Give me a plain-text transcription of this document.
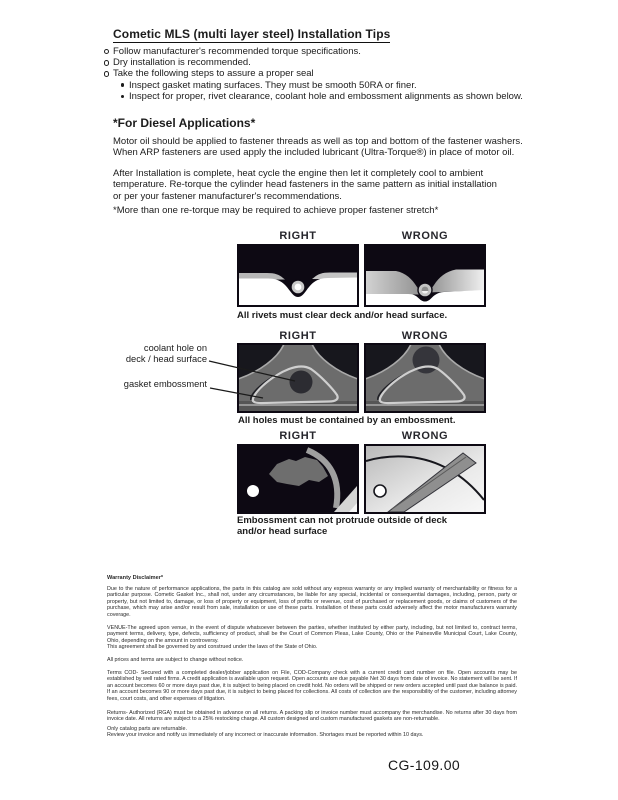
Cometic MLS (multi layer steel) Installation Tips
Follow manufacturer's recommended torque specifications.
Dry installation is recommended.
Take the following steps to assure a proper seal
Inspect gasket mating surfaces. They must be smooth 50RA or finer.
Inspect for proper, rivet clearance, coolant hole and embossment alignments as shown below.
*For Diesel Applications*
Motor oil should be applied to fastener threads as well as top and bottom of the fastener washers.
When ARP fasteners are used apply the included lubricant (Ultra-Torque®) in place of motor oil.
After Installation is complete, heat cycle the engine then let it completely cool to ambient
temperature. Re-torque the cylinder head fasteners in the same pattern as initial installation
or per your fastener manufacturer's recommendations.
*More than one re-torque may be required to achieve proper fastener stretch*
RIGHT	WRONG
All rivets must clear deck and/or head surface.
RIGHT	WRONG
coolant hole on
deck / head surface
gasket embossment
All holes must be contained by an embossment.
RIGHT	WRONG
Embossment can not protrude outside of deck
and/or head surface
Warranty Disclaimer*

Due to the nature of performance applications, the parts in this catalog are sold without any express warranty or any implied warranty of merchantability or fitness for a particular purpose. Cometic Gasket Inc., shall not, under any circumstances, be liable for any special, incidental or consequential damages, including, person, party or property, but not limited to, damage, or loss of property or equipment, loss of profits or revenue, cost of purchased or replacement goods, or claims of customers of the purchase, which may arise and/or result from sale, installation or use of these parts. Installation of these parts could adversely affect the motor manufacturers warranty coverage.

VENUE-The agreed upon venue, in the event of dispute whatsoever between the parties, whether instituted by either party, including, but not limited to, contract terms, payment terms, delivery, type, defects, sufficiency of product, shall be the Court of Common Pleas, Lake County, Ohio or the Painesville Municipal Court, Lake County, Ohio, depending on the amount in controversy.
This agreement shall be governed by and construed under the laws of the State of Ohio.

All prices and terms are subject to change without notice.

Terms COD- Secured with a completed dealer/jobber application on File, COD-Company check with a current credit card number on file. Open accounts may be established by well rated firms. A credit application is available upon request. Open accounts are due payable Net 30 days from date of invoice. No statement will be sent. If an account becomes 60 or more days past due, it is subject to being placed on credit hold. No orders will be shipped or new orders accepted until past due balance is paid. If an account becomes 90 or more days past due, it is subject to being placed for collections. All costs of collection are the responsibility of the customer, including attorney fees, court costs, and other expenses of litigation.

Returns- Authorized (RGA) must be obtained in advance on all returns. A packing slip or invoice number must accompany the merchandise. No returns after 30 days from invoice date. All returns are subject to a 25% restocking charge. All custom designed and custom manufactured gaskets are non-returnable.

Only catalog parts are returnable.
Review your invoice and notify us immediately of any incorrect or inaccurate information. Shortages must be reported within 10 days.

CG-109.00
